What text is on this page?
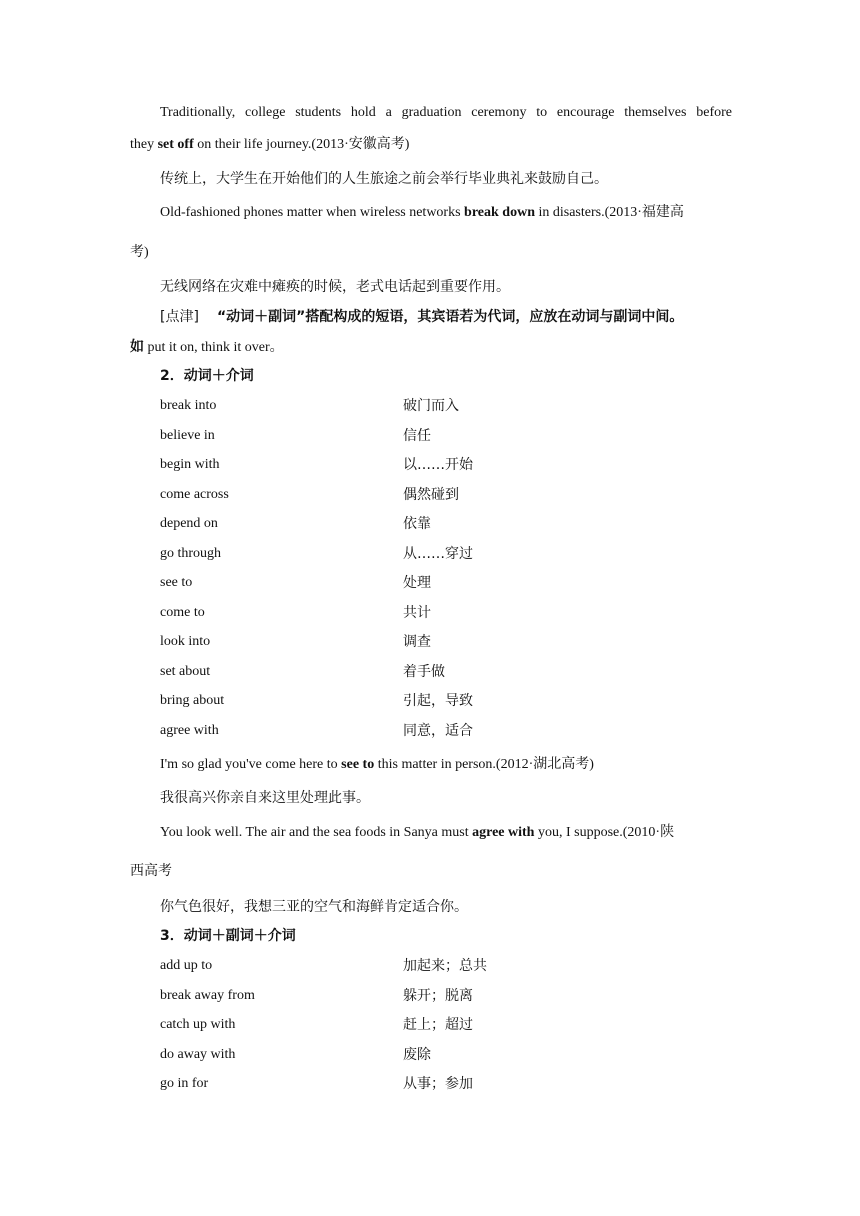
Traditionally, college students hold a graduation ceremony to encourage themselves before
they set off on their life journey.(2013·安徽高考)
传统上，大学生在开始他们的人生旅途之前会举行毕业典礼来鼓励自己。
Old-fashioned phones matter when wireless networks break down in disasters.(2013·福建高
考)
无线网络在灾难中瘫痪的时候，老式电话起到重要作用。
[点津] “动词＋副词”搭配构成的短语，其宾语若为代词，应放在动词与副词中间。
如 put it on, think it over。
2．动词＋介词
break into	破门而入
believe in	信任
begin with	以……开始
come across	偶然碰到
depend on	依靠
go through	从……穿过
see to	处理
come to	共计
look into	调查
set about	着手做
bring about	引起，导致
agree with	同意，适合
I'm so glad you've come here to see to this matter in person.(2012·湖北高考)
我很高兴你亲自来这里处理此事。
You look well. The air and the sea foods in Sanya must agree with you, I suppose.(2010·陕
西高考
你气色很好，我想三亚的空气和海鲜肯定适合你。
3．动词＋副词＋介词
add up to	加起来；总共
break away from	躲开；脱离
catch up with	赶上；超过
do away with	废除
go in for	从事；参加
